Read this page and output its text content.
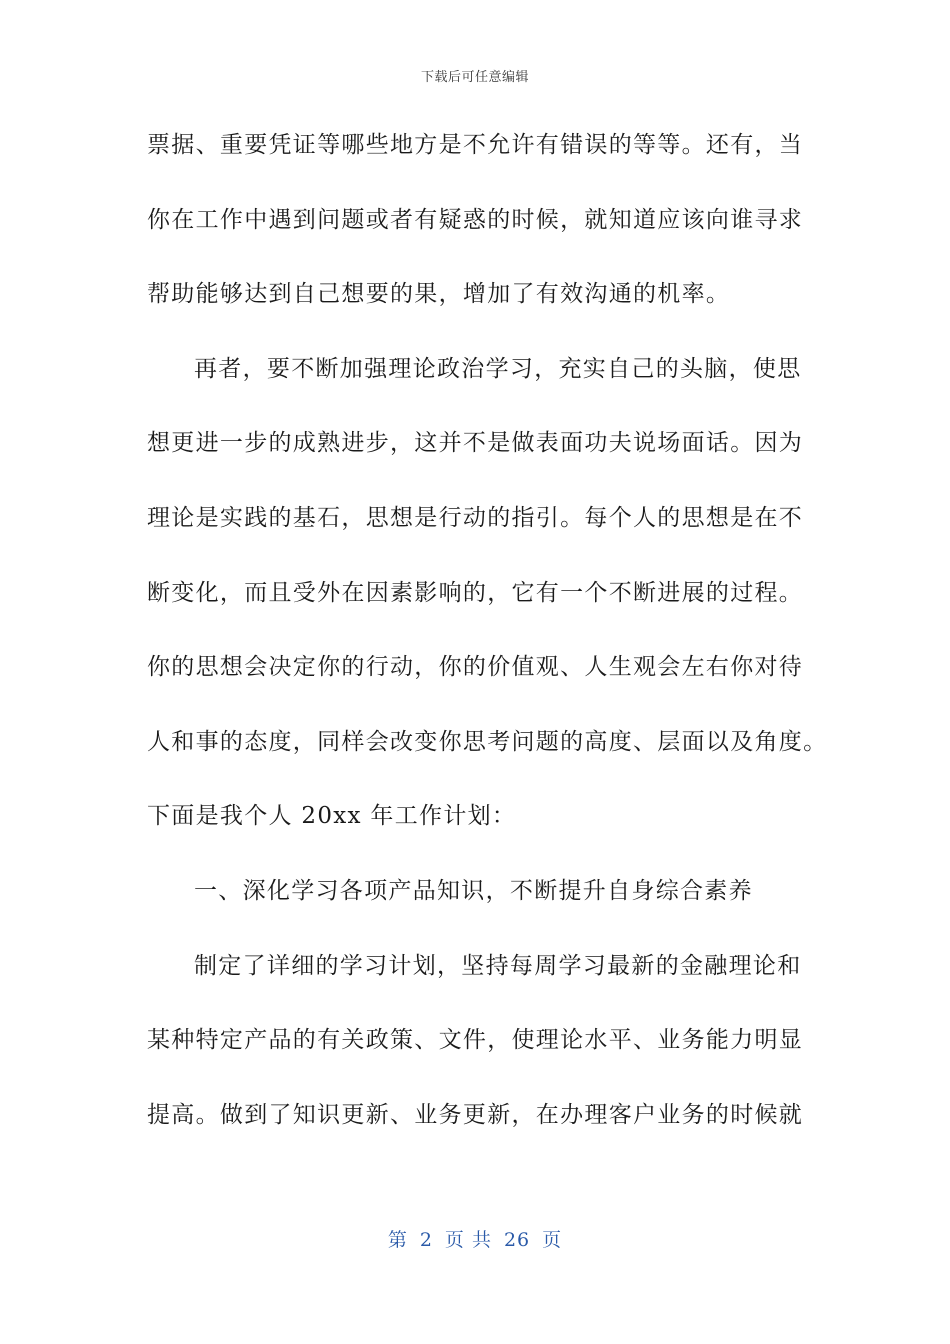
下载后可任意编辑
票据、重要凭证等哪些地方是不允许有错误的等等。还有，当
你在工作中遇到问题或者有疑惑的时候，就知道应该向谁寻求
帮助能够达到自己想要的果，增加了有效沟通的机率。
再者，要不断加强理论政治学习，充实自己的头脑，使思
想更进一步的成熟进步，这并不是做表面功夫说场面话。因为
理论是实践的基石，思想是行动的指引。每个人的思想是在不
断变化，而且受外在因素影响的，它有一个不断进展的过程。
你的思想会决定你的行动，你的价值观、人生观会左右你对待
人和事的态度，同样会改变你思考问题的高度、层面以及角度。
下面是我个人 20xx 年工作计划：
一、深化学习各项产品知识，不断提升自身综合素养
制定了详细的学习计划，坚持每周学习最新的金融理论和
某种特定产品的有关政策、文件，使理论水平、业务能力明显
提高。做到了知识更新、业务更新，在办理客户业务的时候就
第 2 页 共 26 页
